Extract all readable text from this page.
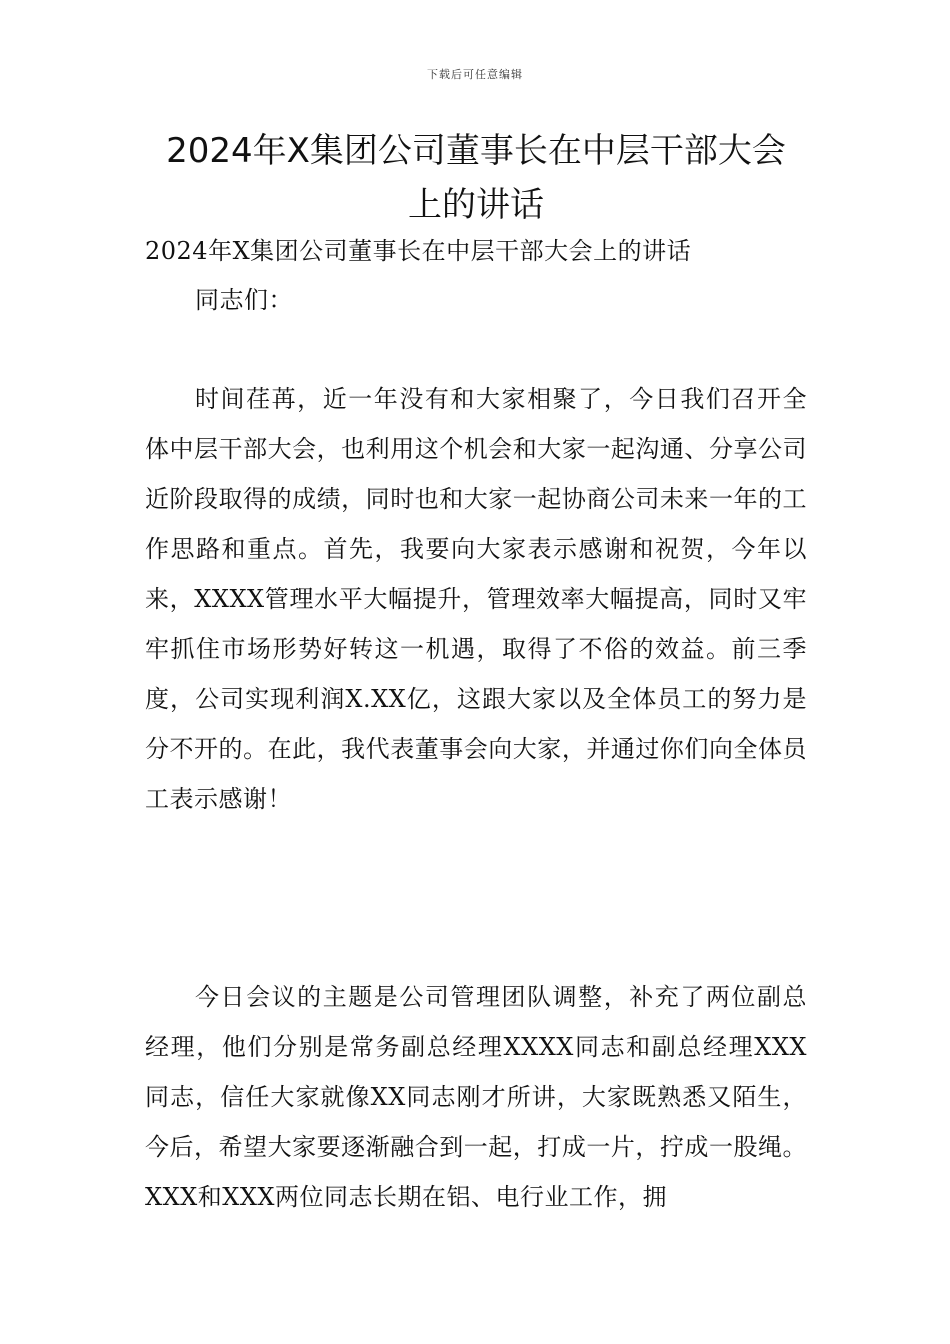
下载后可任意编辑
2024年X集团公司董事长在中层干部大会
上的讲话

2024年X集团公司董事长在中层干部大会上的讲话

同志们：

时间荏苒，近一年没有和大家相聚了，今日我们召开全体中层干部大会，也利用这个机会和大家一起沟通、分享公司近阶段取得的成绩，同时也和大家一起协商公司未来一年的工作思路和重点。首先，我要向大家表示感谢和祝贺，今年以来，XXXX管理水平大幅提升，管理效率大幅提高，同时又牢牢抓住市场形势好转这一机遇，取得了不俗的效益。前三季度，公司实现利润X.XX亿，这跟大家以及全体员工的努力是分不开的。在此，我代表董事会向大家，并通过你们向全体员工表示感谢！

今日会议的主题是公司管理团队调整，补充了两位副总经理，他们分别是常务副总经理XXXX同志和副总经理XXX同志，信任大家就像XX同志刚才所讲，大家既熟悉又陌生，今后，希望大家要逐渐融合到一起，打成一片，拧成一股绳。XXX和XXX两位同志长期在铝、电行业工作，拥
